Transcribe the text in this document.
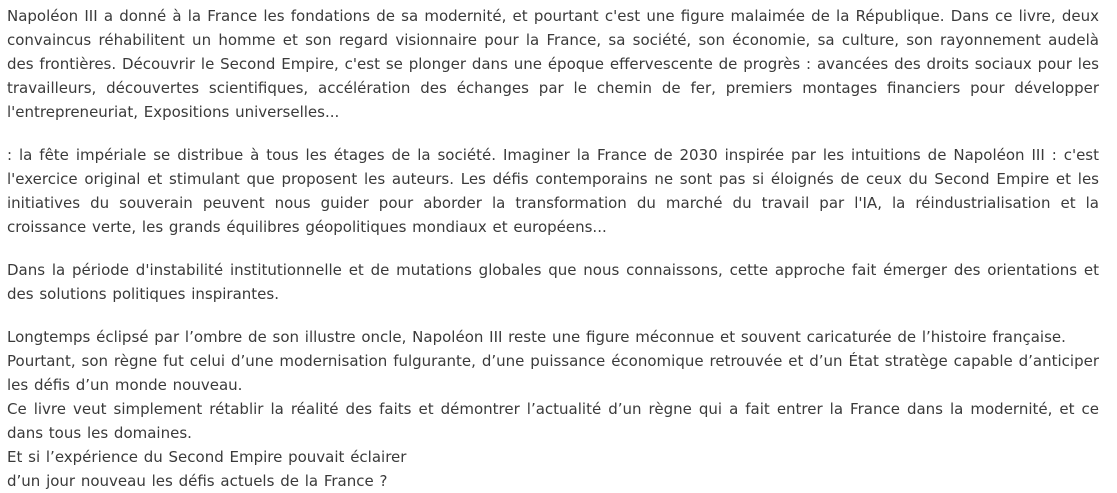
Napoléon III a donné à la France les fondations de sa modernité, et pourtant c'est une figure malaimée de la République. Dans ce livre, deux convaincus réhabilitent un homme et son regard visionnaire pour la France, sa société, son économie, sa culture, son rayonnement audelà des frontières. Découvrir le Second Empire, c'est se plonger dans une époque effervescente de progrès : avancées des droits sociaux pour les travailleurs, découvertes scientifiques, accélération des échanges par le chemin de fer, premiers montages financiers pour développer l'entrepreneuriat, Expositions universelles...

: la fête impériale se distribue à tous les étages de la société. Imaginer la France de 2030 inspirée par les intuitions de Napoléon III : c'est l'exercice original et stimulant que proposent les auteurs. Les défis contemporains ne sont pas si éloignés de ceux du Second Empire et les initiatives du souverain peuvent nous guider pour aborder la transformation du marché du travail par l'IA, la réindustrialisation et la croissance verte, les grands équilibres géopolitiques mondiaux et européens...

Dans la période d'instabilité institutionnelle et de mutations globales que nous connaissons, cette approche fait émerger des orientations et des solutions politiques inspirantes.

Longtemps éclipsé par l’ombre de son illustre oncle, Napoléon III reste une figure méconnue et souvent caricaturée de l’histoire française.

Pourtant, son règne fut celui d’une modernisation fulgurante, d’une puissance économique retrouvée et d’un État stratège capable d’anticiper les défis d’un monde nouveau.

Ce livre veut simplement rétablir la réalité des faits et démontrer l’actualité d’un règne qui a fait entrer la France dans la modernité, et ce dans tous les domaines.

Et si l’expérience du Second Empire pouvait éclairer

d’un jour nouveau les défis actuels de la France ?
